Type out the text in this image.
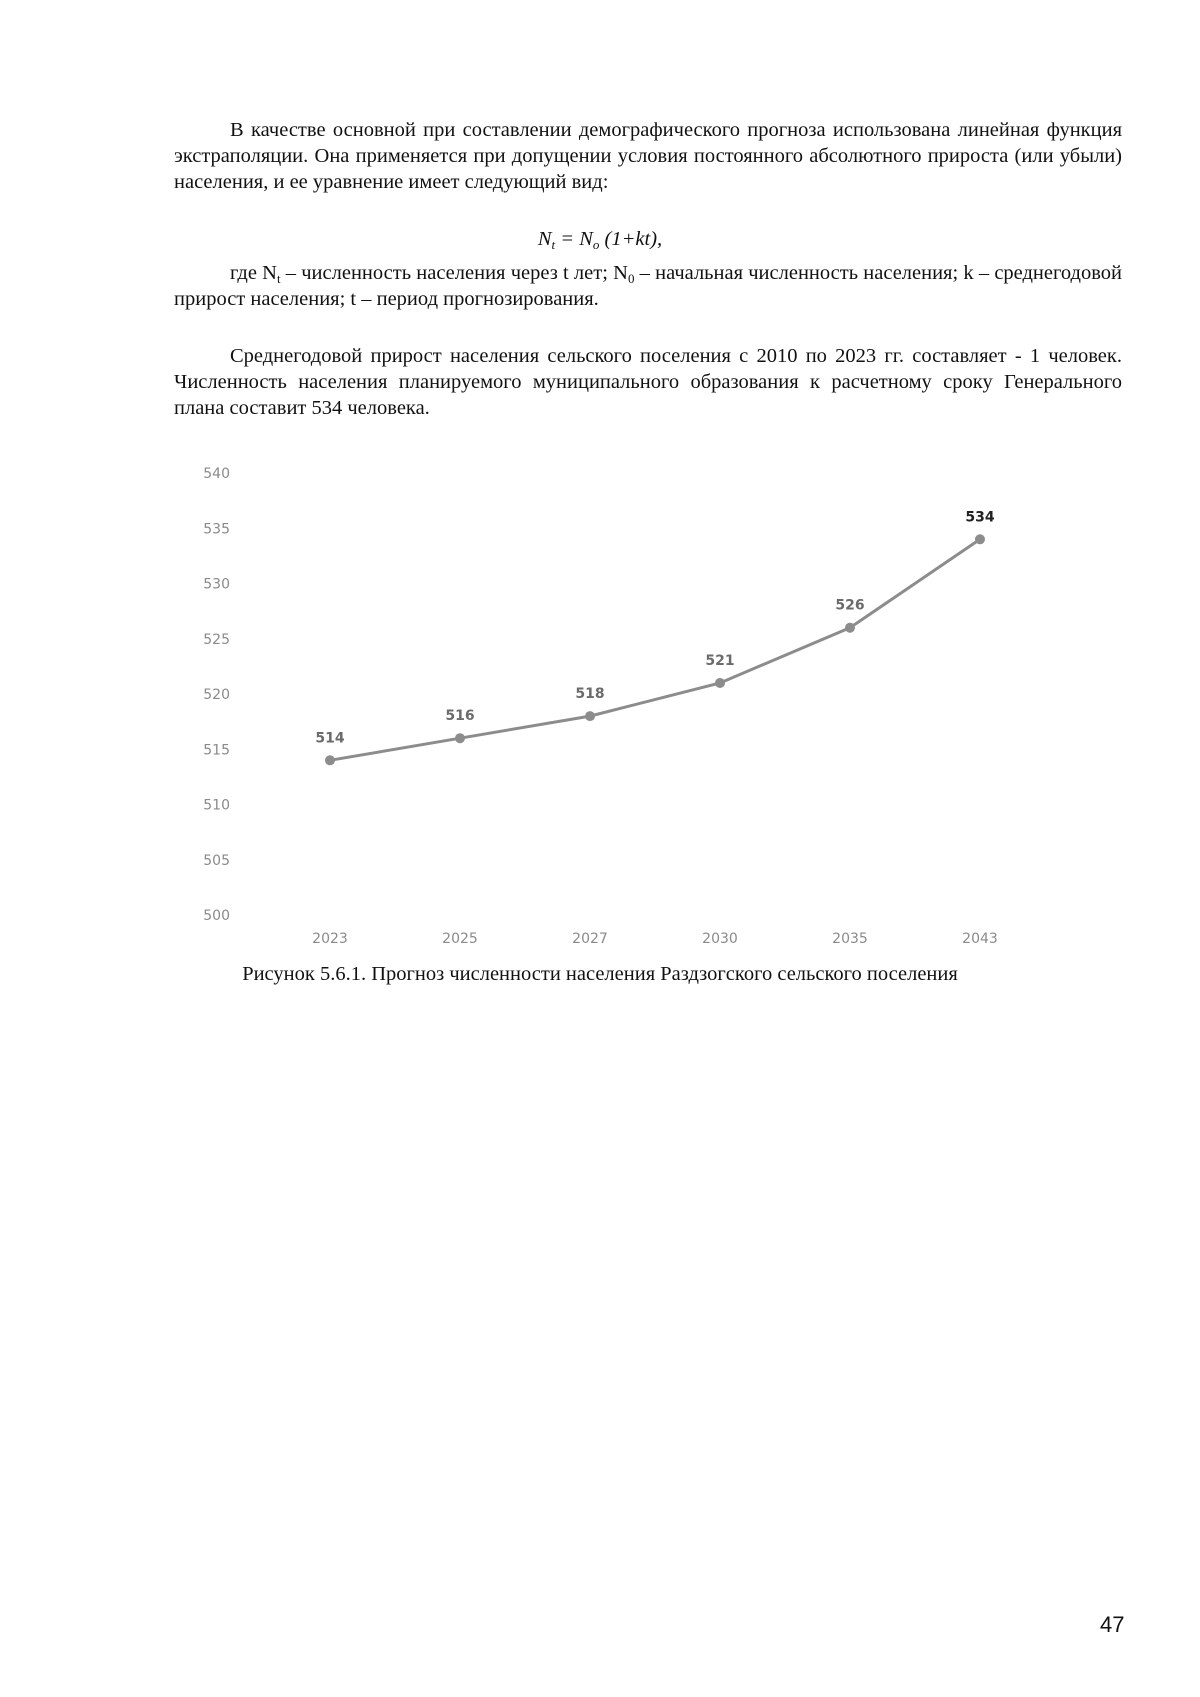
В качестве основной при составлении демографического прогноза использована линейная функция экстраполяции. Она применяется при допущении условия постоянного абсолютного прироста (или убыли) населения, и ее уравнение имеет следующий вид:

$N_t = N_o$ (1+kt),

где $N_t$ – численность населения через t лет; $N_0$ – начальная численность населения; k – среднегодовой прирост населения; t – период прогнозирования.

Среднегодовой прирост населения сельского поселения с 2010 по 2023 гг. составляет - 1 человек. Численность населения планируемого муниципального образования к расчетному сроку Генерального плана составит 534 человека.

500
505
510
515
520
525
530
535
540
2023	2025	2027	2030	2035	2043
514
516
518
521
526
534
Рисунок 5.6.1. Прогноз численности населения Раздзогского сельского поселения
47
